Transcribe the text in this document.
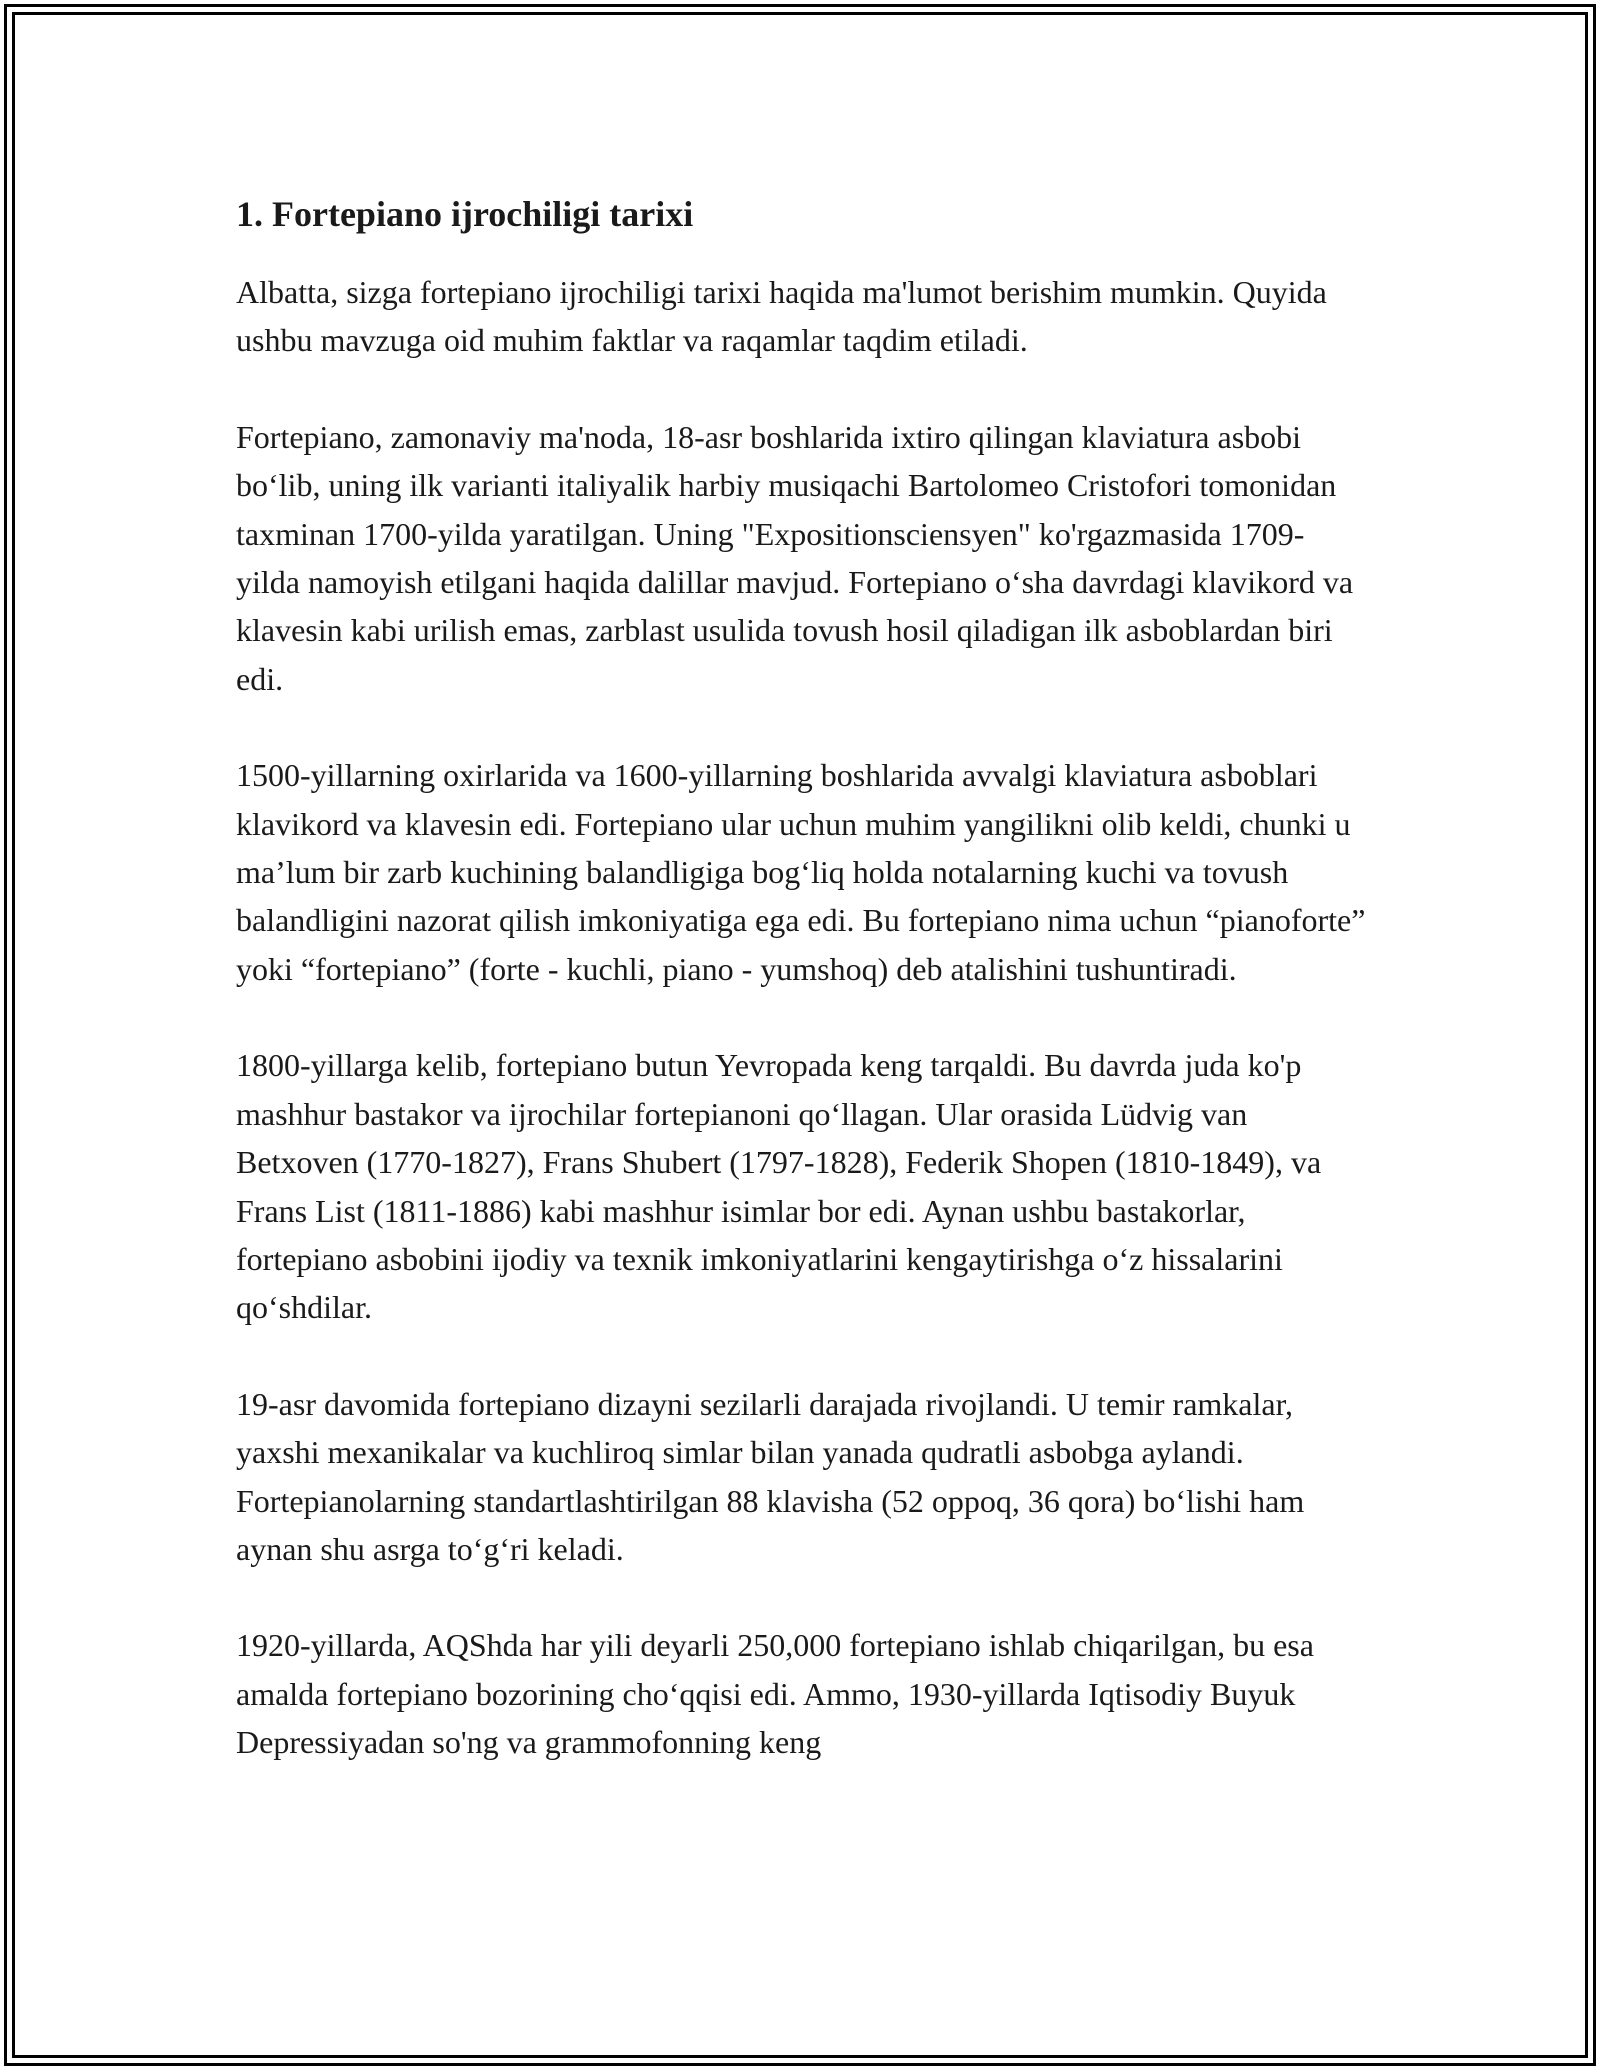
1. Fortepiano ijrochiligi tarixi

Albatta, sizga fortepiano ijrochiligi tarixi haqida ma'lumot berishim mumkin. Quyida ushbu mavzuga oid muhim faktlar va raqamlar taqdim etiladi.

Fortepiano, zamonaviy ma'noda, 18-asr boshlarida ixtiro qilingan klaviatura asbobi bo‘lib, uning ilk varianti italiyalik harbiy musiqachi Bartolomeo Cristofori tomonidan taxminan 1700-yilda yaratilgan. Uning "Expositionsciensyen" ko'rgazmasida 1709-yilda namoyish etilgani haqida dalillar mavjud. Fortepiano o‘sha davrdagi klavikord va klavesin kabi urilish emas, zarblast usulida tovush hosil qiladigan ilk asboblardan biri edi.

1500-yillarning oxirlarida va 1600-yillarning boshlarida avvalgi klaviatura asboblari klavikord va klavesin edi. Fortepiano ular uchun muhim yangilikni olib keldi, chunki u ma’lum bir zarb kuchining balandligiga bog‘liq holda notalarning kuchi va tovush balandligini nazorat qilish imkoniyatiga ega edi. Bu fortepiano nima uchun “pianoforte” yoki “fortepiano” (forte - kuchli, piano - yumshoq) deb atalishini tushuntiradi.

1800-yillarga kelib, fortepiano butun Yevropada keng tarqaldi. Bu davrda juda ko'p mashhur bastakor va ijrochilar fortepianoni qo‘llagan. Ular orasida Lüdvig van Betxoven (1770-1827), Frans Shubert (1797-1828), Federik Shopen (1810-1849), va Frans List (1811-1886) kabi mashhur isimlar bor edi. Aynan ushbu bastakorlar, fortepiano asbobini ijodiy va texnik imkoniyatlarini kengaytirishga o‘z hissalarini qo‘shdilar.

19-asr davomida fortepiano dizayni sezilarli darajada rivojlandi. U temir ramkalar, yaxshi mexanikalar va kuchliroq simlar bilan yanada qudratli asbobga aylandi. Fortepianolarning standartlashtirilgan 88 klavisha (52 oppoq, 36 qora) bo‘lishi ham aynan shu asrga to‘g‘ri keladi.

1920-yillarda, AQShda har yili deyarli 250,000 fortepiano ishlab chiqarilgan, bu esa amalda fortepiano bozorining cho‘qqisi edi. Ammo, 1930-yillarda Iqtisodiy Buyuk Depressiyadan so'ng va grammofonning keng
